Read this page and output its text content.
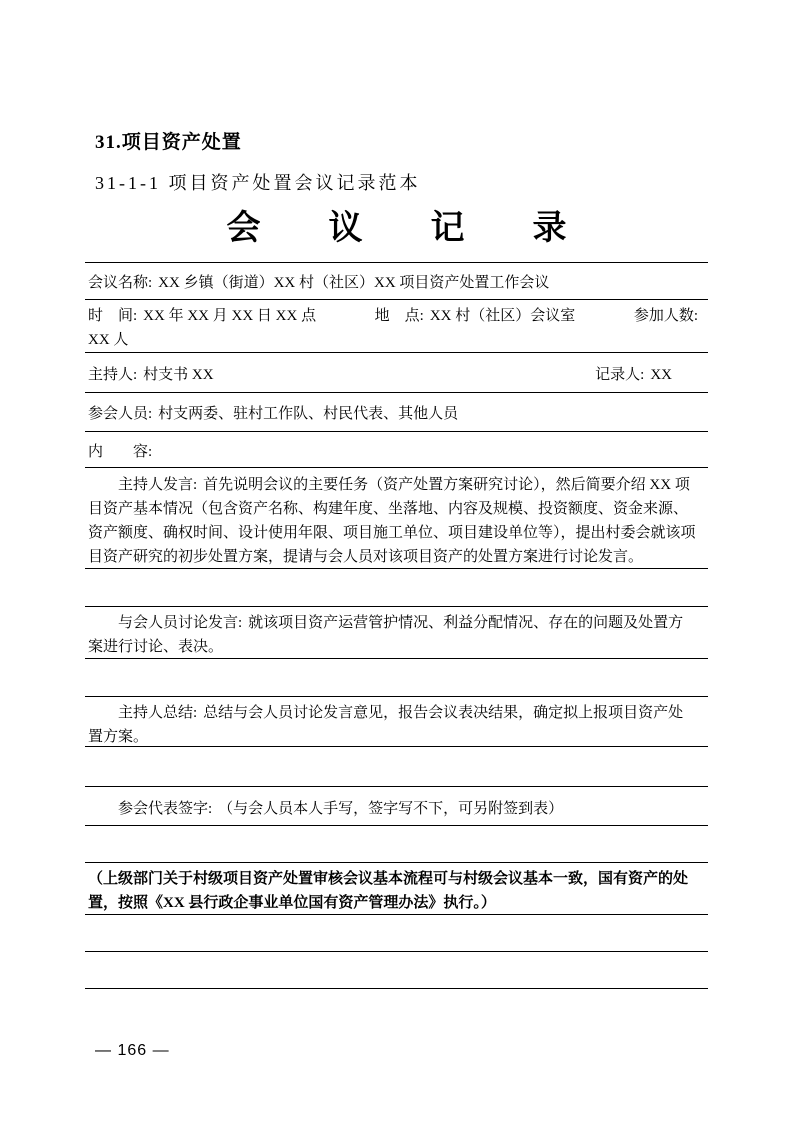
31.项目资产处置
31-1-1 项目资产处置会议记录范本
会　　议　　记　　录
会议名称: XX 乡镇（街道）XX 村（社区）XX 项目资产处置工作会议
时　间: XX 年 XX 月 XX 日 XX 点	地　点: XX 村（社区）会议室	参加人数:
XX 人
主持人: 村支书 XX	记录人: XX
参会人员: 村支两委、驻村工作队、村民代表、其他人员
内　　容:
主持人发言: 首先说明会议的主要任务（资产处置方案研究讨论），然后简要介绍 XX 项目资产基本情况（包含资产名称、构建年度、坐落地、内容及规模、投资额度、资金来源、资产额度、确权时间、设计使用年限、项目施工单位、项目建设单位等），提出村委会就该项目资产研究的初步处置方案，提请与会人员对该项目资产的处置方案进行讨论发言。
与会人员讨论发言: 就该项目资产运营管护情况、利益分配情况、存在的问题及处置方案进行讨论、表决。
主持人总结: 总结与会人员讨论发言意见，报告会议表决结果，确定拟上报项目资产处置方案。
参会代表签字: （与会人员本人手写，签字写不下，可另附签到表）
（上级部门关于村级项目资产处置审核会议基本流程可与村级会议基本一致，国有资产的处置，按照《XX 县行政企事业单位国有资产管理办法》执行。）
— 166 —
